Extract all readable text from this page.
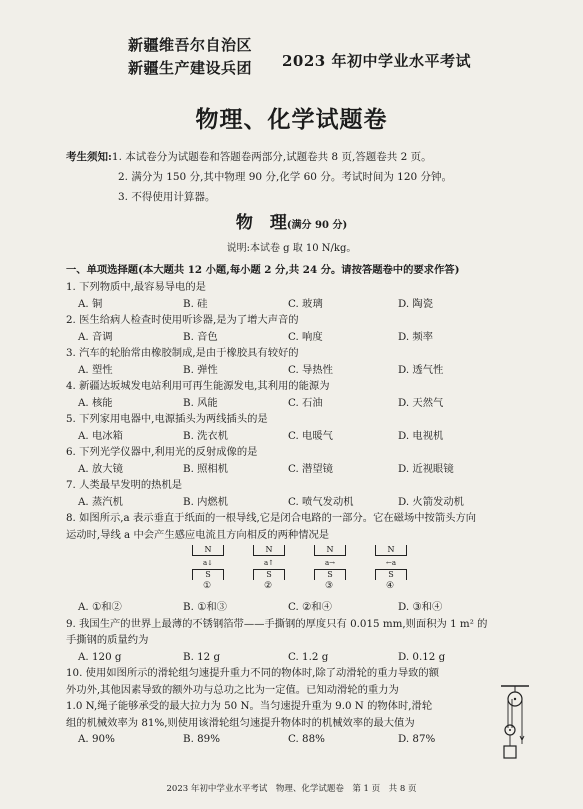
新疆维吾尔自治区
新疆生产建设兵团 2023 年初中学业水平考试
物理、化学试题卷
考生须知:1. 本试卷分为试题卷和答题卷两部分,试题卷共 8 页,答题卷共 2 页。
2. 满分为 150 分,其中物理 90 分,化学 60 分。考试时间为 120 分钟。
3. 不得使用计算器。
物　理(满分 90 分)
说明:本试卷 g 取 10 N/kg。
一、单项选择题(本大题共 12 小题,每小题 2 分,共 24 分。请按答题卷中的要求作答)
1. 下列物质中,最容易导电的是
A. 铜	B. 硅	C. 玻璃	D. 陶瓷
2. 医生给病人检查时使用听诊器,是为了增大声音的
A. 音调	B. 音色	C. 响度	D. 频率
3. 汽车的轮胎常由橡胶制成,是由于橡胶具有较好的
A. 塑性	B. 弹性	C. 导热性	D. 透气性
4. 新疆达坂城发电站利用可再生能源发电,其利用的能源为
A. 核能	B. 风能	C. 石油	D. 天然气
5. 下列家用电器中,电源插头为两线插头的是
A. 电冰箱	B. 洗衣机	C. 电暖气	D. 电视机
6. 下列光学仪器中,利用光的反射成像的是
A. 放大镜	B. 照相机	C. 潜望镜	D. 近视眼镜
7. 人类最早发明的热机是
A. 蒸汽机	B. 内燃机	C. 喷气发动机	D. 火箭发动机
8. 如图所示,a 表示垂直于纸面的一根导线,它是闭合电路的一部分。它在磁场中按箭头方向
运动时,导线 a 中会产生感应电流且方向相反的两种情况是
N
a↓
S
①
N
a↑
S
②
N
a→
S
③
N
←a
S
④
A. ①和②	B. ①和③	C. ②和④	D. ③和④
9. 我国生产的世界上最薄的不锈钢箔带——手撕钢的厚度只有 0.015 mm,则面积为 1 m² 的
手撕钢的质量约为
A. 120 g	B. 12 g	C. 1.2 g	D. 0.12 g
10. 使用如图所示的滑轮组匀速提升重力不同的物体时,除了动滑轮的重力导致的额
外功外,其他因素导致的额外功与总功之比为一定值。已知动滑轮的重力为
1.0 N,绳子能够承受的最大拉力为 50 N。当匀速提升重为 9.0 N 的物体时,滑轮
组的机械效率为 81%,则使用该滑轮组匀速提升物体时的机械效率的最大值为
A. 90%	B. 89%	C. 88%	D. 87%
2023 年初中学业水平考试　物理、化学试题卷　第 1 页　共 8 页
